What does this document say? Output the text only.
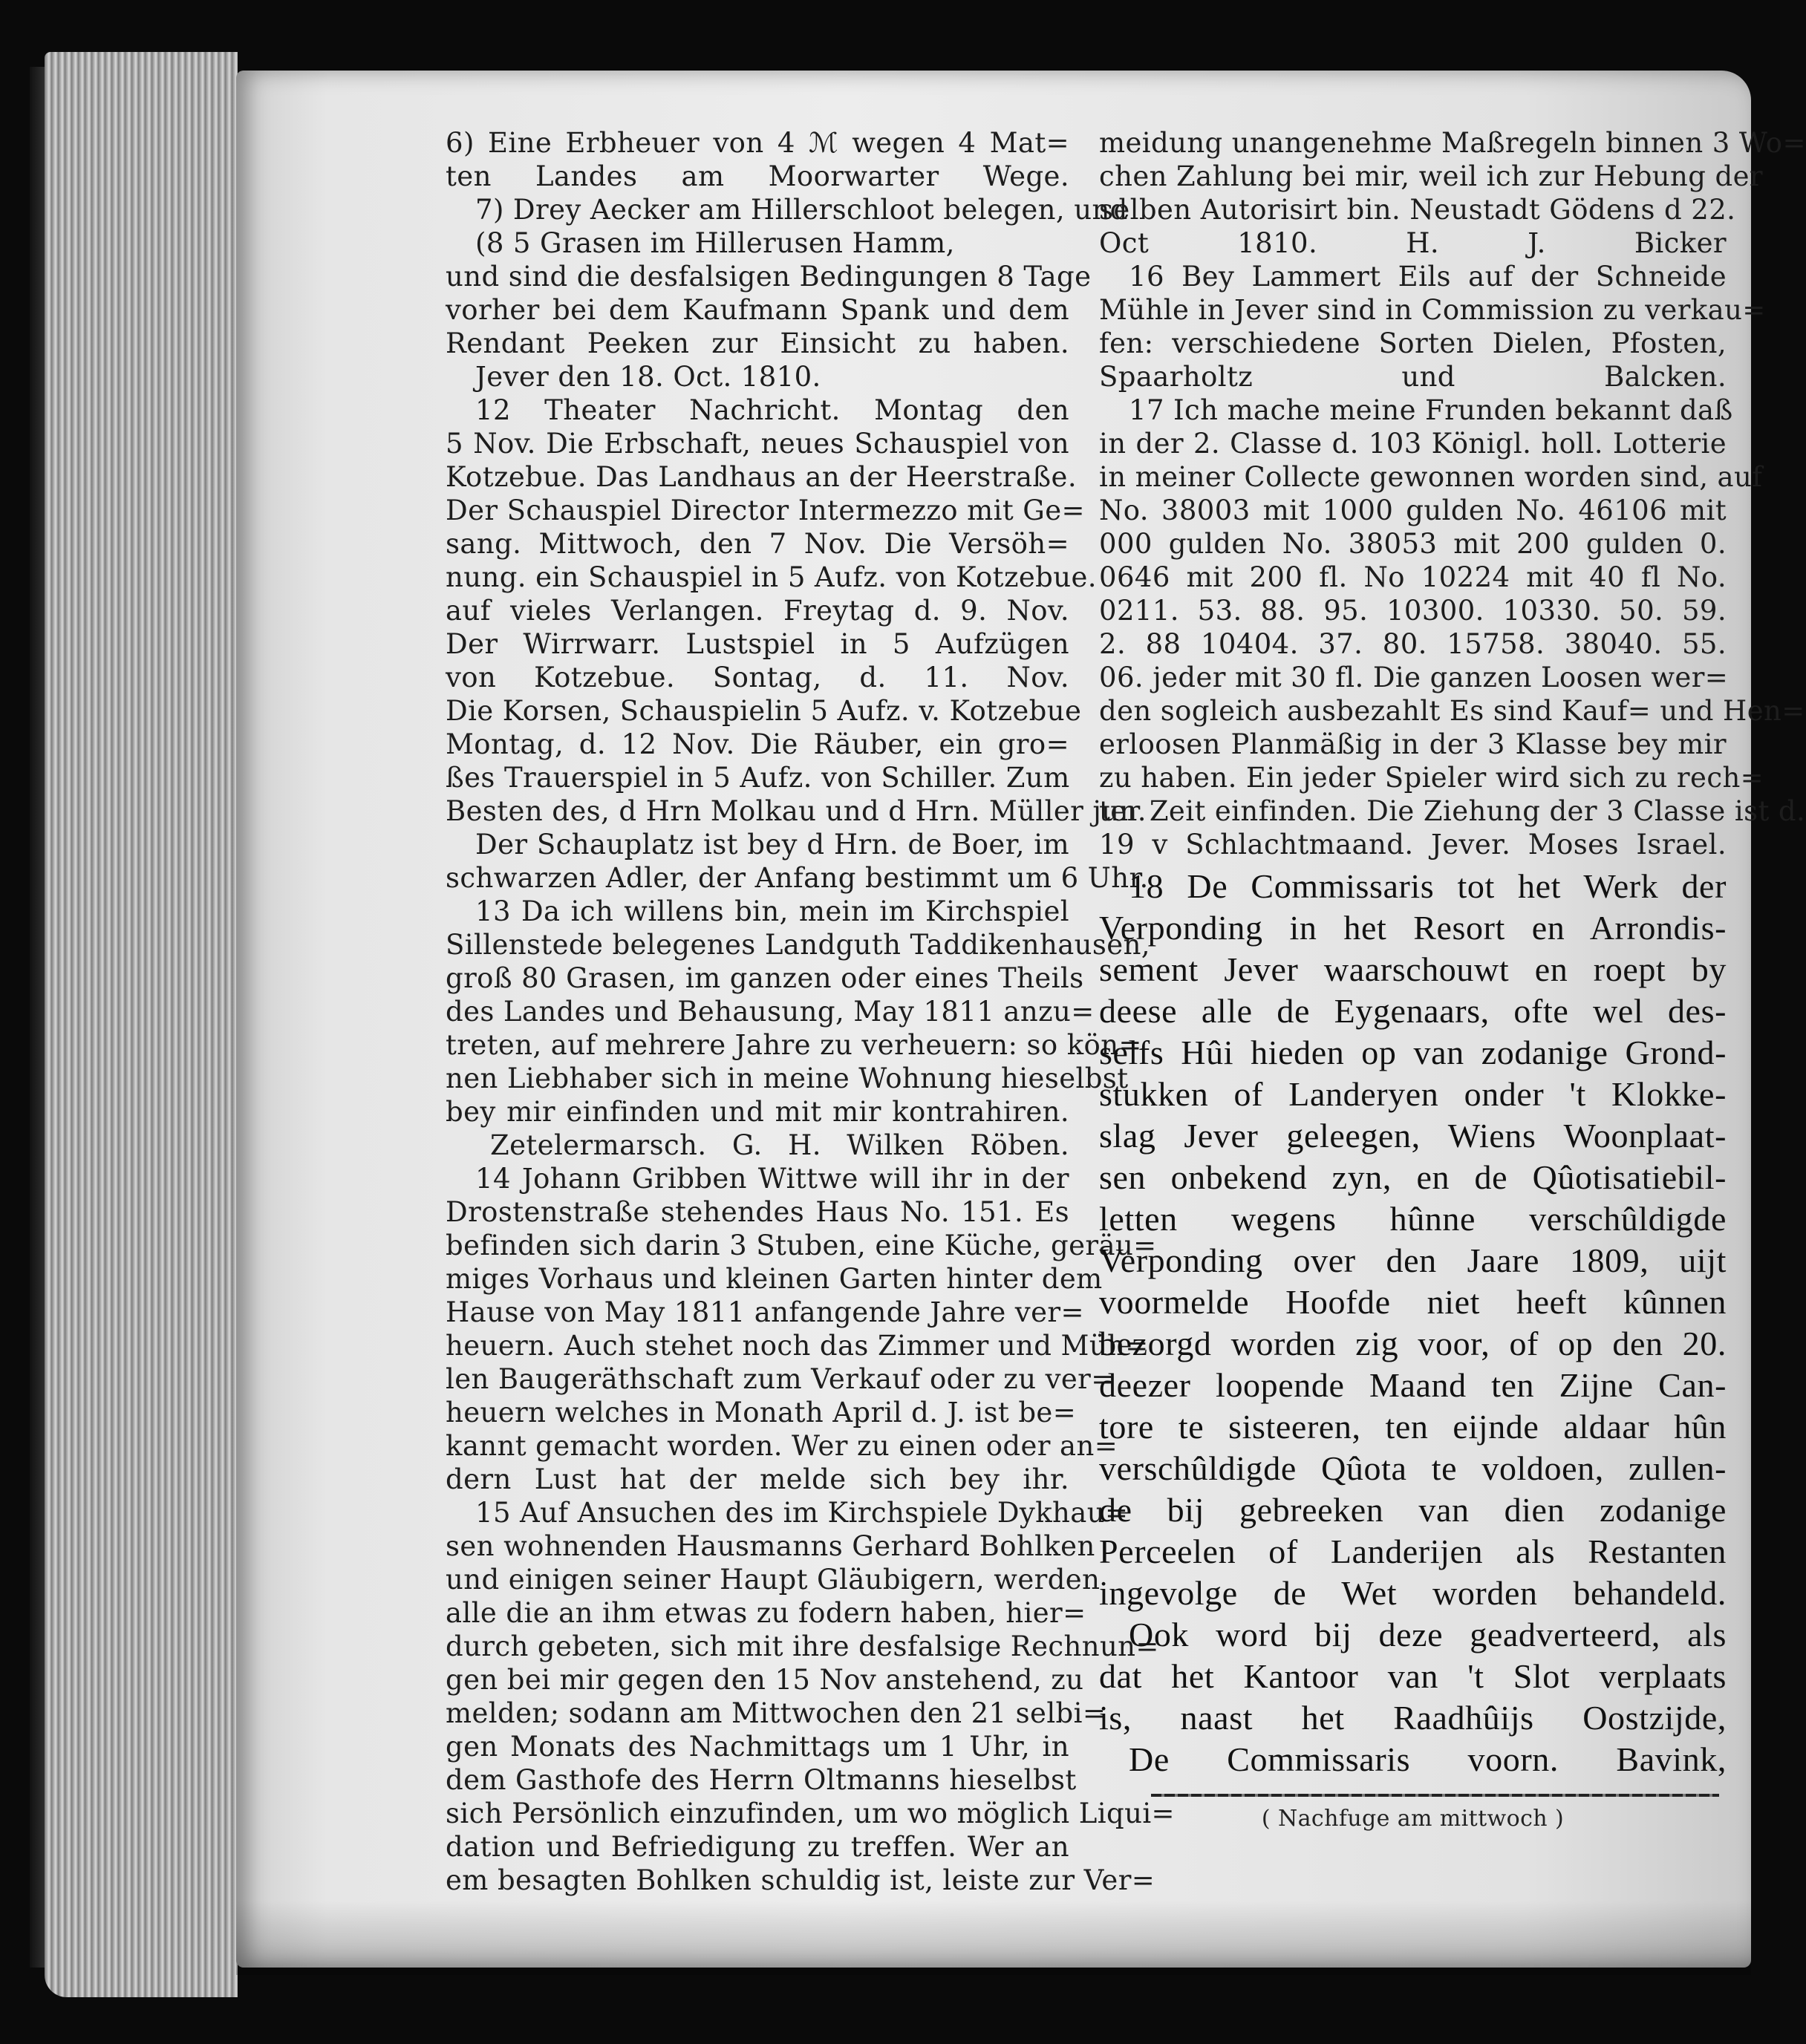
6) Eine Erbheuer von 4 ℳ wegen 4 Mat=
ten Landes am Moorwarter Wege.
7) Drey Aecker am Hillerschloot belegen, und
(8 5 Grasen im Hillerusen Hamm,
und sind die desfalsigen Bedingungen 8 Tage
vorher bei dem Kaufmann Spank und dem
Rendant Peeken zur Einsicht zu haben.
Jever den 18. Oct. 1810.
12 Theater Nachricht. Montag den
5 Nov. Die Erbschaft, neues Schauspiel von
Kotzebue. Das Landhaus an der Heerstraße.
Der Schauspiel Director Intermezzo mit Ge=
sang. Mittwoch, den 7 Nov. Die Versöh=
nung. ein Schauspiel in 5 Aufz. von Kotzebue.
auf vieles Verlangen. Freytag d. 9. Nov.
Der Wirrwarr. Lustspiel in 5 Aufzügen
von Kotzebue. Sontag, d. 11. Nov.
Die Korsen, Schauspielin 5 Aufz. v. Kotzebue
Montag, d. 12 Nov. Die Räuber, ein gro=
ßes Trauerspiel in 5 Aufz. von Schiller. Zum
Besten des, d Hrn Molkau und d Hrn. Müller jun.
Der Schauplatz ist bey d Hrn. de Boer, im
schwarzen Adler, der Anfang bestimmt um 6 Uhr.
13 Da ich willens bin, mein im Kirchspiel
Sillenstede belegenes Landguth Taddikenhausen,
groß 80 Grasen, im ganzen oder eines Theils
des Landes und Behausung, May 1811 anzu=
treten, auf mehrere Jahre zu verheuern: so kön=
nen Liebhaber sich in meine Wohnung hieselbst
bey mir einfinden und mit mir kontrahiren.
Zetelermarsch. G. H. Wilken Röben.
14 Johann Gribben Wittwe will ihr in der
Drostenstraße stehendes Haus No. 151. Es
befinden sich darin 3 Stuben, eine Küche, geräu=
miges Vorhaus und kleinen Garten hinter dem
Hause von May 1811 anfangende Jahre ver=
heuern. Auch stehet noch das Zimmer und Müh=
len Baugeräthschaft zum Verkauf oder zu ver=
heuern welches in Monath April d. J. ist be=
kannt gemacht worden. Wer zu einen oder an=
dern Lust hat der melde sich bey ihr.
15 Auf Ansuchen des im Kirchspiele Dykhau=
sen wohnenden Hausmanns Gerhard Bohlken
und einigen seiner Haupt Gläubigern, werden
alle die an ihm etwas zu fodern haben, hier=
durch gebeten, sich mit ihre desfalsige Rechnun=
gen bei mir gegen den 15 Nov anstehend, zu
melden; sodann am Mittwochen den 21 selbi=
gen Monats des Nachmittags um 1 Uhr, in
dem Gasthofe des Herrn Oltmanns hieselbst
sich Persönlich einzufinden, um wo möglich Liqui=
dation und Befriedigung zu treffen. Wer an
em besagten Bohlken schuldig ist, leiste zur Ver=
meidung unangenehme Maßregeln binnen 3 Wo=
chen Zahlung bei mir, weil ich zur Hebung der
selben Autorisirt bin. Neustadt Gödens d 22.
Oct 1810. H. J. Bicker
16 Bey Lammert Eils auf der Schneide
Mühle in Jever sind in Commission zu verkau=
fen: verschiedene Sorten Dielen, Pfosten,
Spaarholtz und Balcken.
17 Ich mache meine Frunden bekannt daß
in der 2. Classe d. 103 Königl. holl. Lotterie
in meiner Collecte gewonnen worden sind, auf
No. 38003 mit 1000 gulden No. 46106 mit
000 gulden No. 38053 mit 200 gulden 0.
0646 mit 200 fl. No 10224 mit 40 fl No.
0211. 53. 88. 95. 10300. 10330. 50. 59.
2. 88 10404. 37. 80. 15758. 38040. 55.
06. jeder mit 30 fl. Die ganzen Loosen wer=
den sogleich ausbezahlt Es sind Kauf= und Hen=
erloosen Planmäßig in der 3 Klasse bey mir
zu haben. Ein jeder Spieler wird sich zu rech=
ter Zeit einfinden. Die Ziehung der 3 Classe ist d.
19 v Schlachtmaand. Jever. Moses Israel.
18 De Commissaris tot het Werk der
Verponding in het Resort en Arrondis-
sement Jever waarschouwt en roept by
deese alle de Eygenaars, ofte wel des-
selfs Hûi hieden op van zodanige Grond-
stukken of Landeryen onder 't Klokke-
slag Jever geleegen, Wiens Woonplaat-
sen onbekend zyn, en de Qûotisatiebil-
letten wegens hûnne verschûldigde
Verponding over den Jaare 1809, uijt
voormelde Hoofde niet heeft kûnnen
bezorgd worden zig voor, of op den 20.
deezer loopende Maand ten Zijne Can-
tore te sisteeren, ten eijnde aldaar hûn
verschûldigde Qûota te voldoen, zullen-
de bij gebreeken van dien zodanige
Perceelen of Landerijen als Restanten
ingevolge de Wet worden behandeld.
Ook word bij deze geadverteerd, als
dat het Kantoor van 't Slot verplaats
is, naast het Raadhûijs Oostzijde,
De Commissaris voorn. Bavink,
( Nachfuge am mittwoch )
